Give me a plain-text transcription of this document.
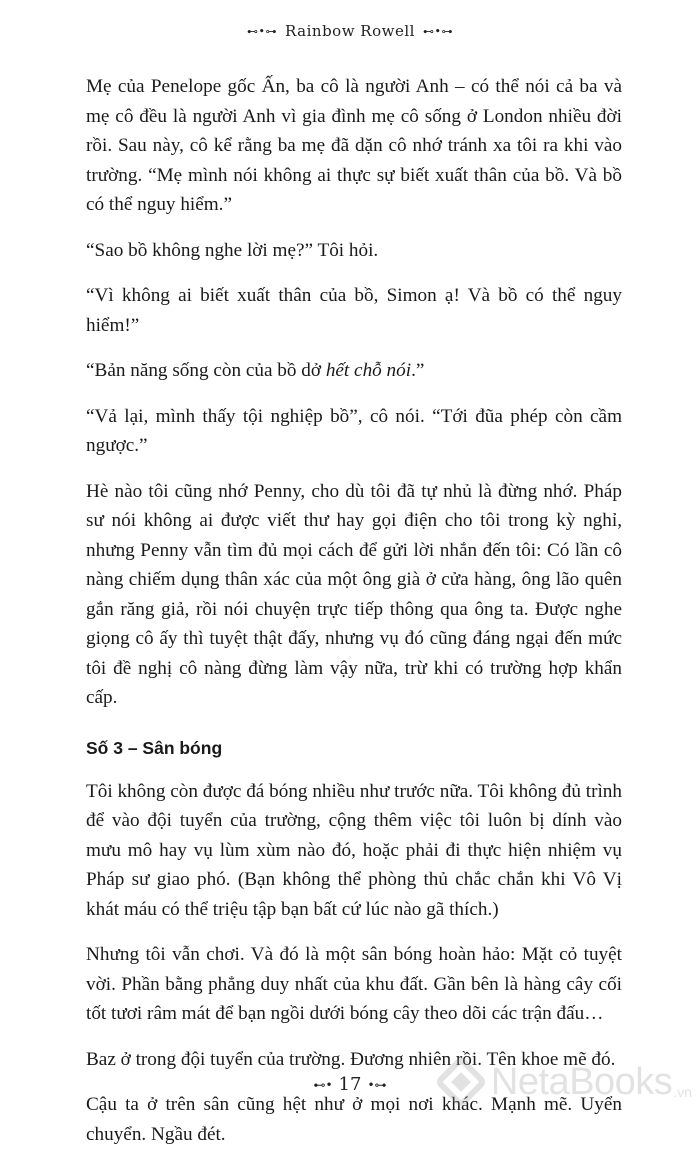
⊷•⊶ Rainbow Rowell ⊷•⊶

Mẹ của Penelope gốc Ấn, ba cô là người Anh – có thể nói cả ba và mẹ cô đều là người Anh vì gia đình mẹ cô sống ở London nhiều đời rồi. Sau này, cô kể rằng ba mẹ đã dặn cô nhớ tránh xa tôi ra khi vào trường. “Mẹ mình nói không ai thực sự biết xuất thân của bồ. Và bồ có thể nguy hiểm.”

“Sao bồ không nghe lời mẹ?” Tôi hỏi.

“Vì không ai biết xuất thân của bồ, Simon ạ! Và bồ có thể nguy hiểm!”

“Bản năng sống còn của bồ dở hết chỗ nói.”

“Vả lại, mình thấy tội nghiệp bồ”, cô nói. “Tới đũa phép còn cầm ngược.”

Hè nào tôi cũng nhớ Penny, cho dù tôi đã tự nhủ là đừng nhớ. Pháp sư nói không ai được viết thư hay gọi điện cho tôi trong kỳ nghỉ, nhưng Penny vẫn tìm đủ mọi cách để gửi lời nhắn đến tôi: Có lần cô nàng chiếm dụng thân xác của một ông già ở cửa hàng, ông lão quên gắn răng giả, rồi nói chuyện trực tiếp thông qua ông ta. Được nghe giọng cô ấy thì tuyệt thật đấy, nhưng vụ đó cũng đáng ngại đến mức tôi đề nghị cô nàng đừng làm vậy nữa, trừ khi có trường hợp khẩn cấp.

Số 3 – Sân bóng

Tôi không còn được đá bóng nhiều như trước nữa. Tôi không đủ trình để vào đội tuyển của trường, cộng thêm việc tôi luôn bị dính vào mưu mô hay vụ lùm xùm nào đó, hoặc phải đi thực hiện nhiệm vụ Pháp sư giao phó. (Bạn không thể phòng thủ chắc chắn khi Vô Vị khát máu có thể triệu tập bạn bất cứ lúc nào gã thích.)

Nhưng tôi vẫn chơi. Và đó là một sân bóng hoàn hảo: Mặt cỏ tuyệt vời. Phần bằng phẳng duy nhất của khu đất. Gần bên là hàng cây cối tốt tươi râm mát để bạn ngồi dưới bóng cây theo dõi các trận đấu…

Baz ở trong đội tuyển của trường. Đương nhiên rồi. Tên khoe mẽ đó.

Cậu ta ở trên sân cũng hệt như ở mọi nơi khác. Mạnh mẽ. Uyển chuyển. Ngầu đét.

⊷• 17 •⊶	NetaBooks .vn
